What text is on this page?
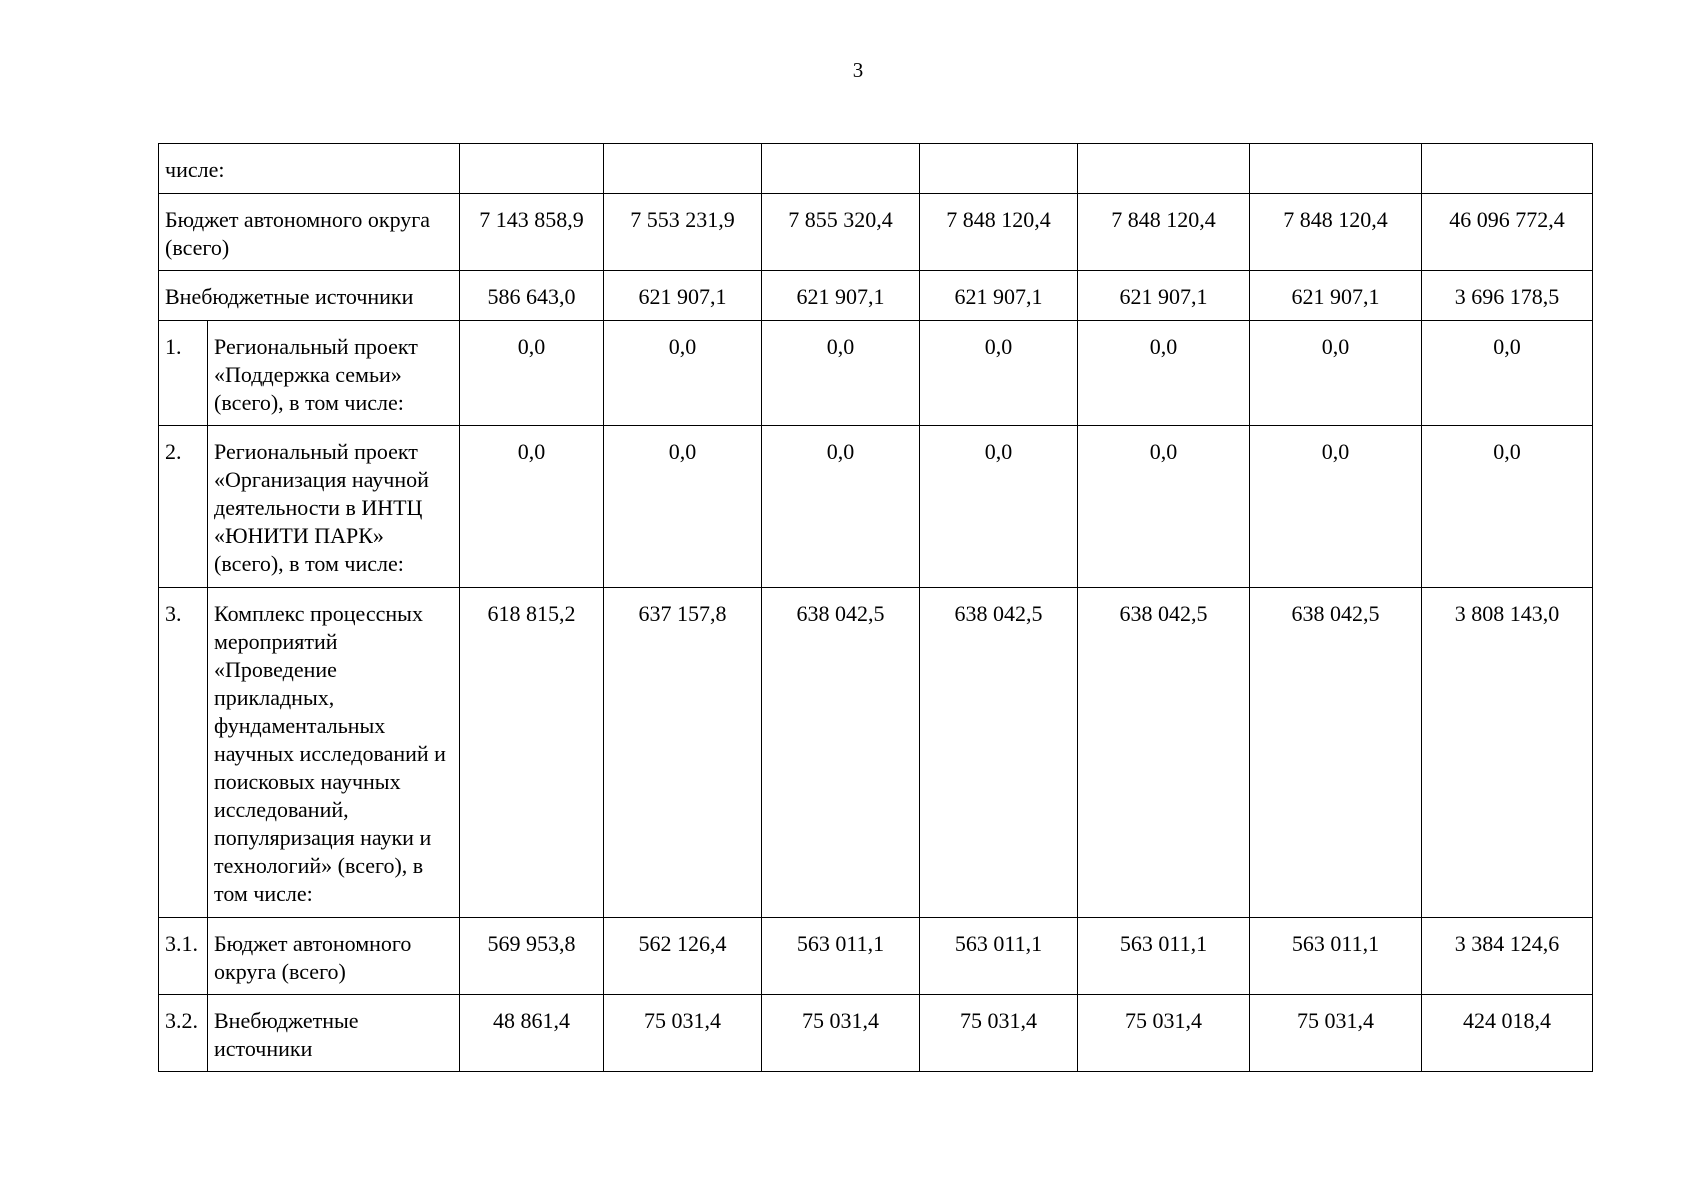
3
числе:								
Бюджет автономного округа (всего)		7 143 858,9	7 553 231,9	7 855 320,4	7 848 120,4	7 848 120,4	7 848 120,4	46 096 772,4
Внебюджетные источники		586 643,0	621 907,1	621 907,1	621 907,1	621 907,1	621 907,1	3 696 178,5
1.	Региональный проект «Поддержка семьи» (всего), в том числе:	0,0	0,0	0,0	0,0	0,0	0,0	0,0
2.	Региональный проект «Организация научной деятельности в ИНТЦ «ЮНИТИ ПАРК» (всего), в том числе:	0,0	0,0	0,0	0,0	0,0	0,0	0,0
3.	Комплекс процессных мероприятий «Проведение прикладных, фундаментальных научных исследований и поисковых научных исследований, популяризация науки и технологий» (всего), в том числе:	618 815,2	637 157,8	638 042,5	638 042,5	638 042,5	638 042,5	3 808 143,0
3.1.	Бюджет автономного округа (всего)	569 953,8	562 126,4	563 011,1	563 011,1	563 011,1	563 011,1	3 384 124,6
3.2.	Внебюджетные источники	48 861,4	75 031,4	75 031,4	75 031,4	75 031,4	75 031,4	424 018,4
